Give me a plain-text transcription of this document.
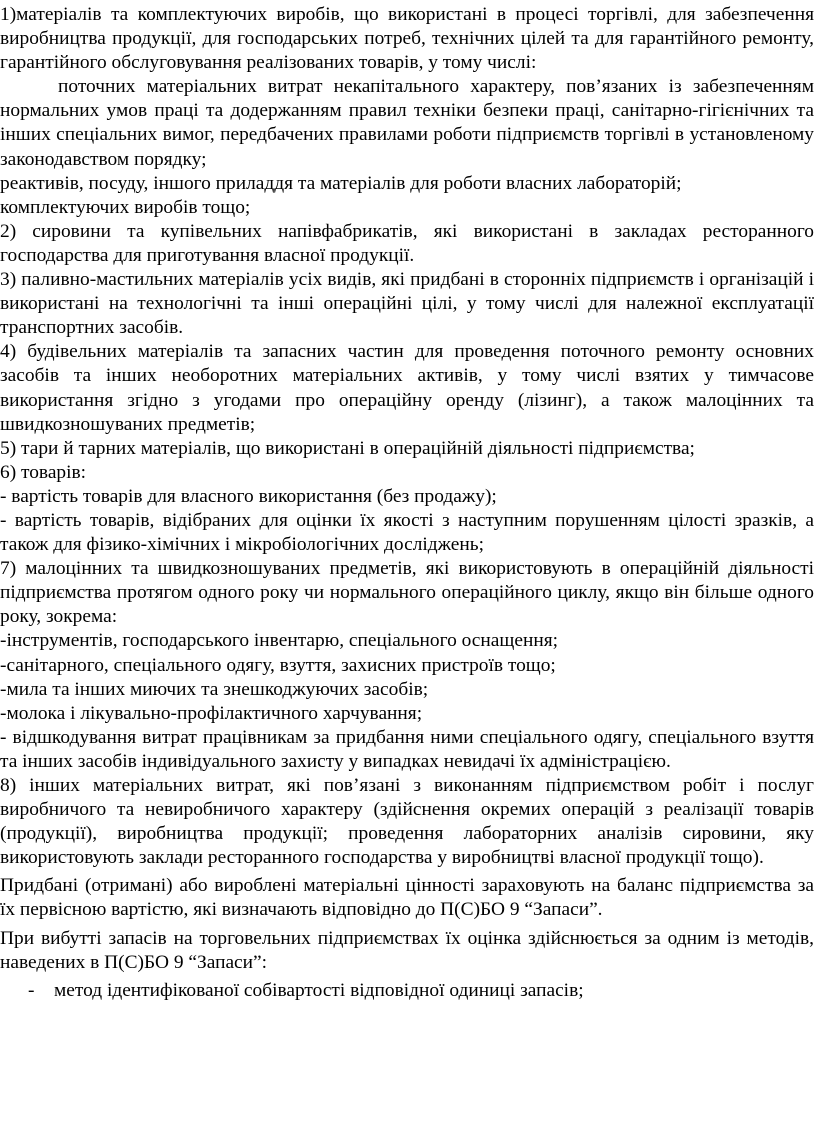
1)матеріалів та комплектуючих виробів, що використані в процесі торгівлі, для забезпечення виробництва продукції, для господарських потреб, технічних цілей та для гарантійного ремонту, гарантійного обслуговування реалізованих товарів, у тому числі:

поточних матеріальних витрат некапітального характеру, пов’язаних із забезпеченням нормальних умов праці та додержанням правил техніки безпеки праці, санітарно-гігієнічних та інших спеціальних вимог, передбачених правилами роботи підприємств торгівлі в установленому законодавством порядку;

реактивів, посуду, іншого приладдя та матеріалів для роботи власних лабораторій;

комплектуючих виробів тощо;

2) сировини та купівельних напівфабрикатів, які використані в закладах ресторанного господарства для приготування власної продукції.

3) паливно-мастильних матеріалів усіх видів, які придбані в сторонніх підприємств і організацій і використані на технологічні та інші операційні цілі, у тому числі для належної експлуатації транспортних засобів.

4) будівельних матеріалів та запасних частин для проведення поточного ремонту основних засобів та інших необоротних матеріальних активів, у тому числі взятих у тимчасове використання згідно з угодами про операційну оренду (лізинг), а також малоцінних та швидкозношуваних предметів;

5) тари й тарних матеріалів, що використані в операційній діяльності підприємства;

6) товарів:

- вартість товарів для власного використання (без продажу);

- вартість товарів, відібраних для оцінки їх якості з наступним порушенням цілості зразків, а також для фізико-хімічних і мікробіологічних досліджень;

7) малоцінних та швидкозношуваних предметів, які використовують в операційній діяльності підприємства протягом одного року чи нормального операційного циклу, якщо він більше одного року, зокрема:

-інструментів, господарського інвентарю, спеціального оснащення;

-санітарного, спеціального одягу, взуття, захисних пристроїв тощо;

-мила та інших миючих та знешкоджуючих засобів;

-молока і лікувально-профілактичного харчування;

- відшкодування витрат працівникам за придбання ними спеціального одягу, спеціального взуття та інших засобів індивідуального захисту у випадках невидачі їх адміністрацією.

8) інших матеріальних витрат, які пов’язані з виконанням підприємством робіт і послуг виробничого та невиробничого характеру (здійснення окремих операцій з реалізації товарів (продукції), виробництва продукції; проведення лабораторних аналізів сировини, яку використовують заклади ресторанного господарства у виробництві власної продукції тощо).

Придбані (отримані) або вироблені матеріальні цінності зараховують на баланс підприємства за їх первісною вартістю, які визначають відповідно до П(С)БО 9 “Запаси”.

При вибутті запасів на торговельних підприємствах їх оцінка здійснюється за одним із методів, наведених в П(С)БО 9 “Запаси”:

- метод ідентифікованої собівартості відповідної одиниці запасів;
